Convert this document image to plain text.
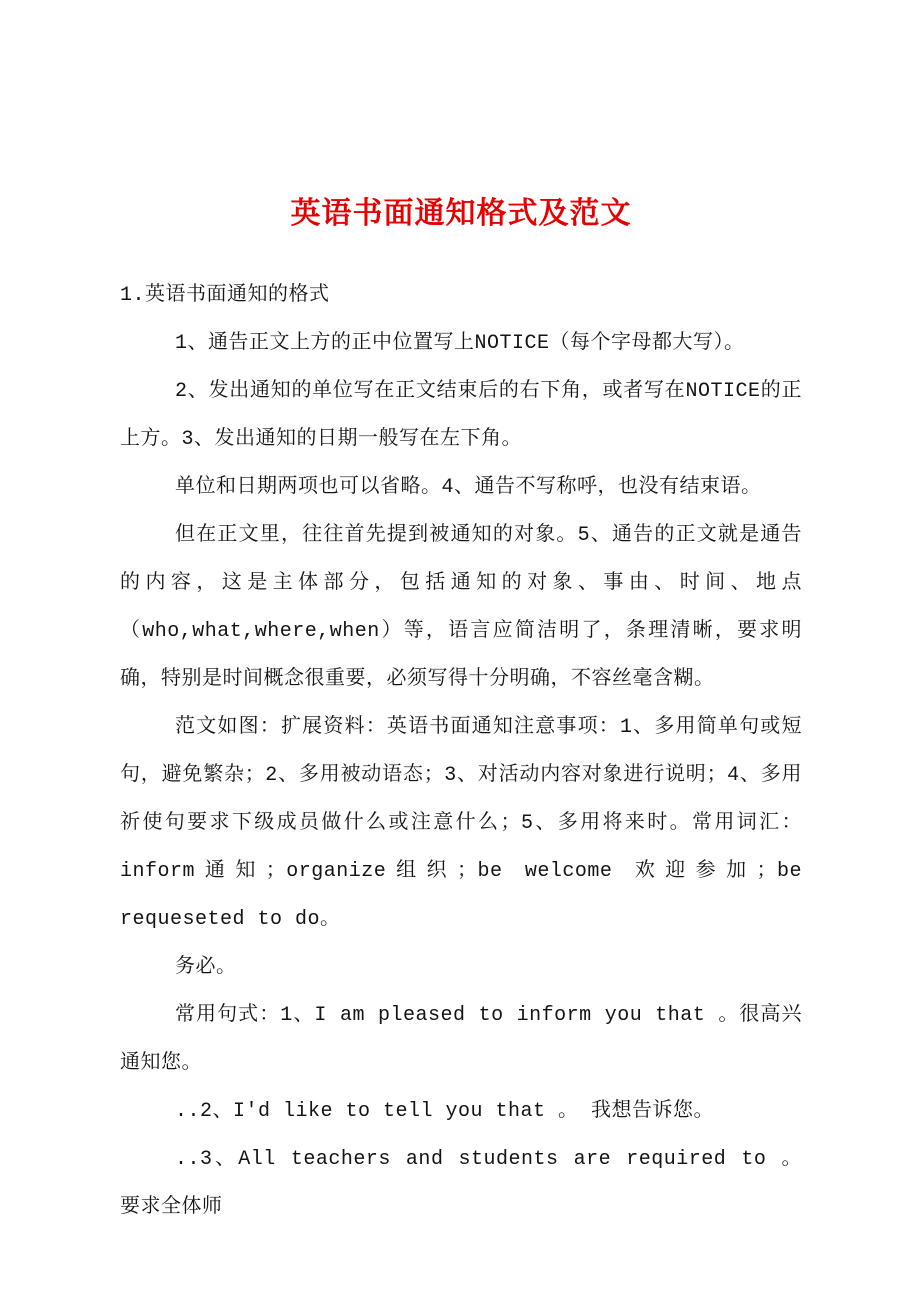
英语书面通知格式及范文

1.英语书面通知的格式

1、通告正文上方的正中位置写上NOTICE（每个字母都大写）。

2、发出通知的单位写在正文结束后的右下角，或者写在NOTICE的正上方。3、发出通知的日期一般写在左下角。

单位和日期两项也可以省略。4、通告不写称呼，也没有结束语。

但在正文里，往往首先提到被通知的对象。5、通告的正文就是通告的内容，这是主体部分，包括通知的对象、事由、时间、地点（who,what,where,when）等，语言应简洁明了，条理清晰，要求明确，特别是时间概念很重要，必须写得十分明确，不容丝毫含糊。

范文如图：扩展资料：英语书面通知注意事项：1、多用简单句或短句，避免繁杂；2、多用被动语态；3、对活动内容对象进行说明；4、多用祈使句要求下级成员做什么或注意什么；5、多用将来时。常用词汇：inform通知；organize组织；be welcome 欢迎参加；be requeseted to do。

务必。

常用句式：1、I am pleased to inform you that 。很高兴通知您。

..2、I'd like to tell you that 。 我想告诉您。

..3、All teachers and students are required to 。 要求全体师
